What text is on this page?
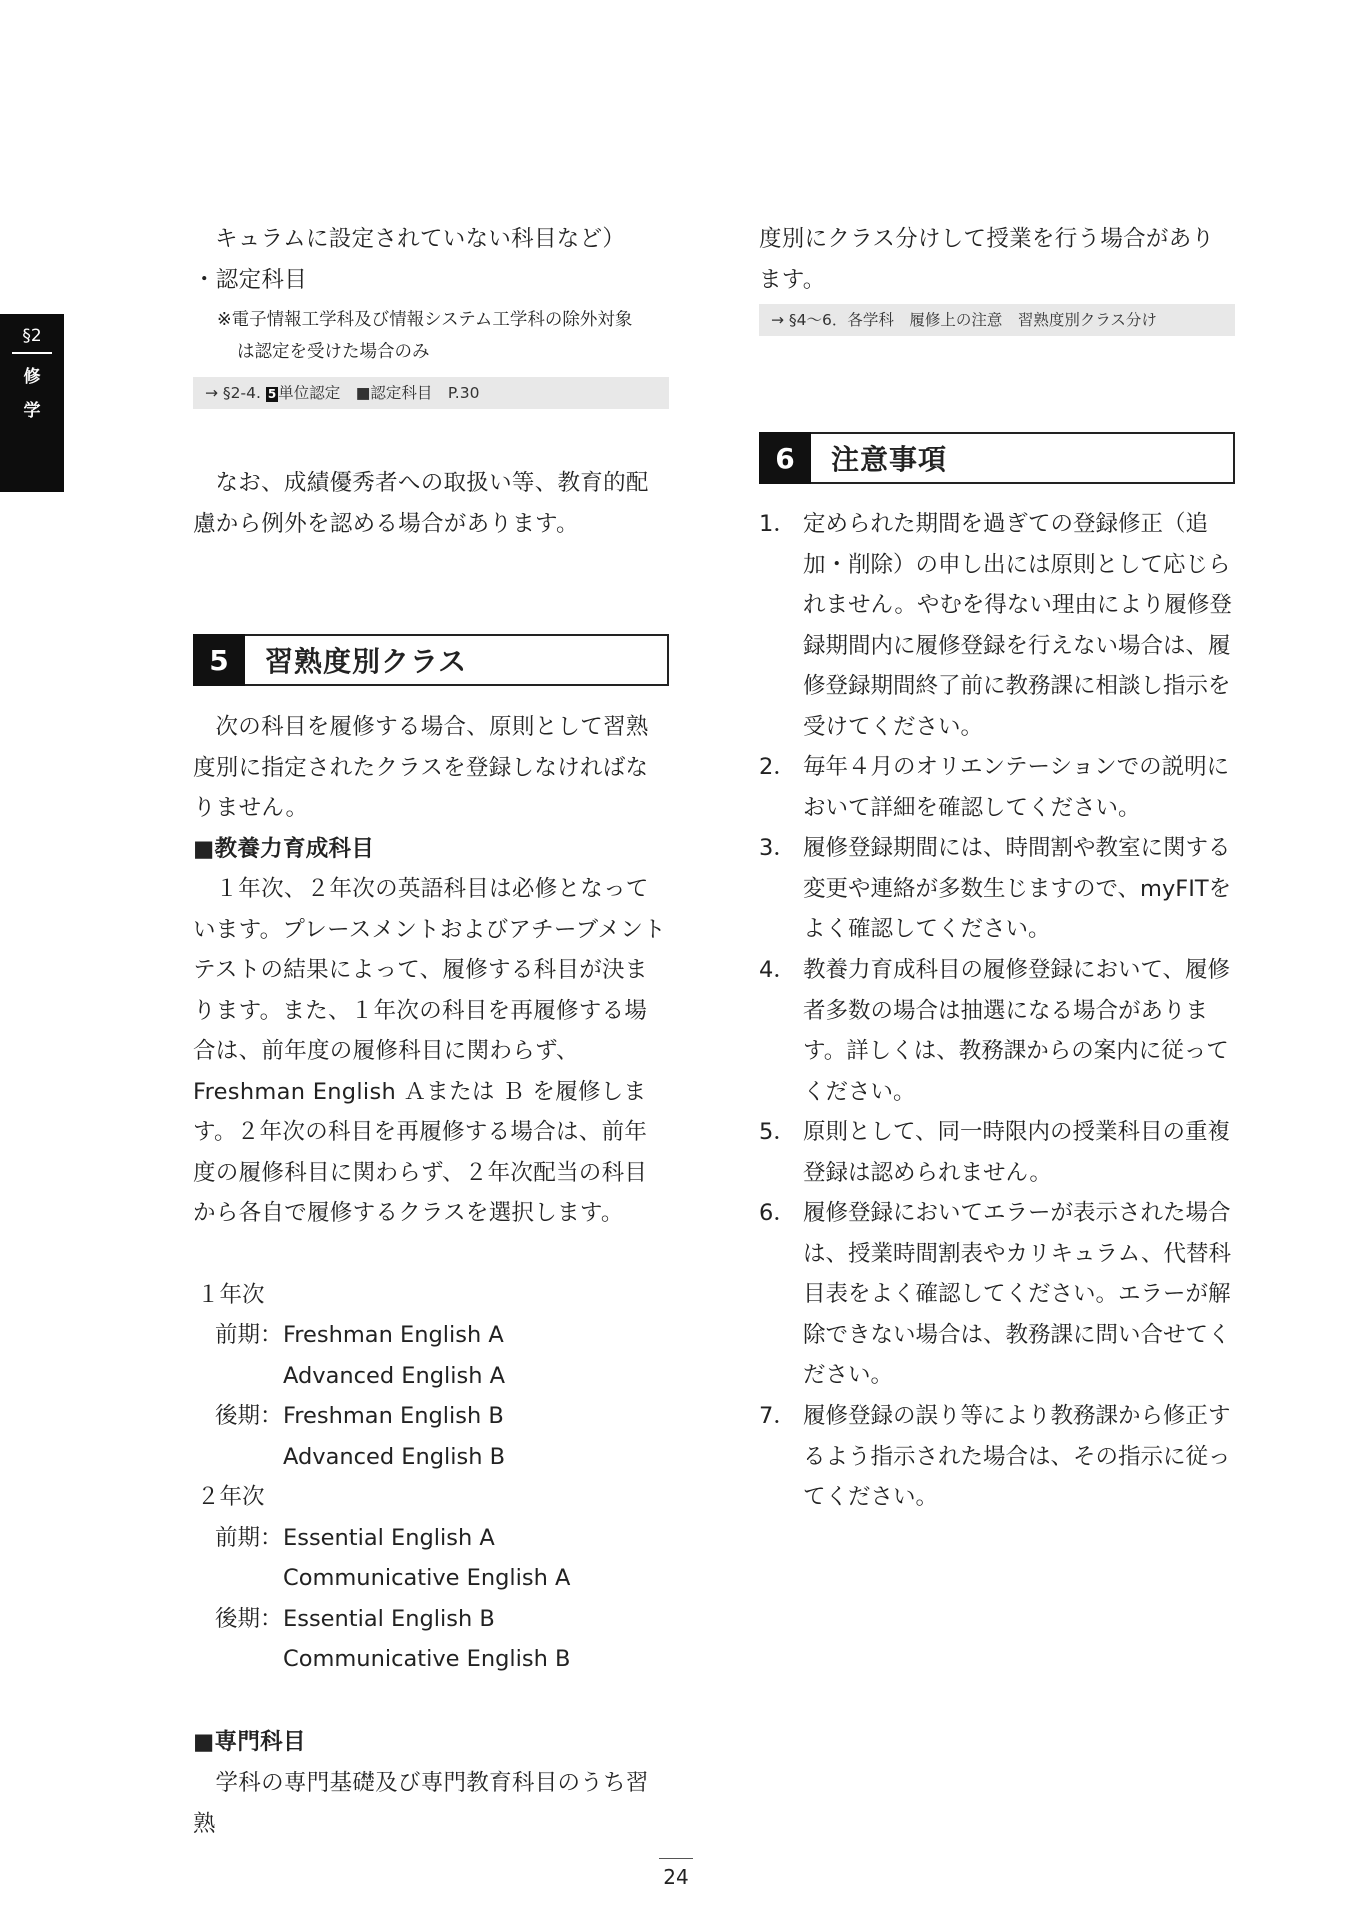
§2
修
学
キュラムに設定されていない科目など）
・認定科目
※電子情報工学科及び情報システム工学科の除外対象
は認定を受けた場合のみ
→ §2-4. 5 単位認定　■認定科目　P.30
なお、成績優秀者への取扱い等、教育的配慮から例外を認める場合があります。
5	習熟度別クラス
次の科目を履修する場合、原則として習熟度別に指定されたクラスを登録しなければなりません。
■教養力育成科目
１年次、２年次の英語科目は必修となっています。プレースメントおよびアチーブメントテストの結果によって、履修する科目が決まります。また、１年次の科目を再履修する場合は、前年度の履修科目に関わらず、Freshman English Ａまたは Ｂ を履修します。２年次の科目を再履修する場合は、前年度の履修科目に関わらず、２年次配当の科目から各自で履修するクラスを選択します。
１年次
前期： Freshman English A
Advanced English A
後期： Freshman English B
Advanced English B
２年次
前期： Essential English A
Communicative English A
後期： Essential English B
Communicative English B
■専門科目
学科の専門基礎及び専門教育科目のうち習熟
度別にクラス分けして授業を行う場合があります。
→ §4〜6．各学科　履修上の注意　習熟度別クラス分け
6	注意事項
1． 定められた期間を過ぎての登録修正（追加・削除）の申し出には原則として応じられません。やむを得ない理由により履修登録期間内に履修登録を行えない場合は、履修登録期間終了前に教務課に相談し指示を受けてください。
2． 毎年４月のオリエンテーションでの説明において詳細を確認してください。
3． 履修登録期間には、時間割や教室に関する変更や連絡が多数生じますので、myFITをよく確認してください。
4． 教養力育成科目の履修登録において、履修者多数の場合は抽選になる場合があります。詳しくは、教務課からの案内に従ってください。
5． 原則として、同一時限内の授業科目の重複登録は認められません。
6． 履修登録においてエラーが表示された場合は、授業時間割表やカリキュラム、代替科目表をよく確認してください。エラーが解除できない場合は、教務課に問い合せてください。
7． 履修登録の誤り等により教務課から修正するよう指示された場合は、その指示に従ってください。
24
